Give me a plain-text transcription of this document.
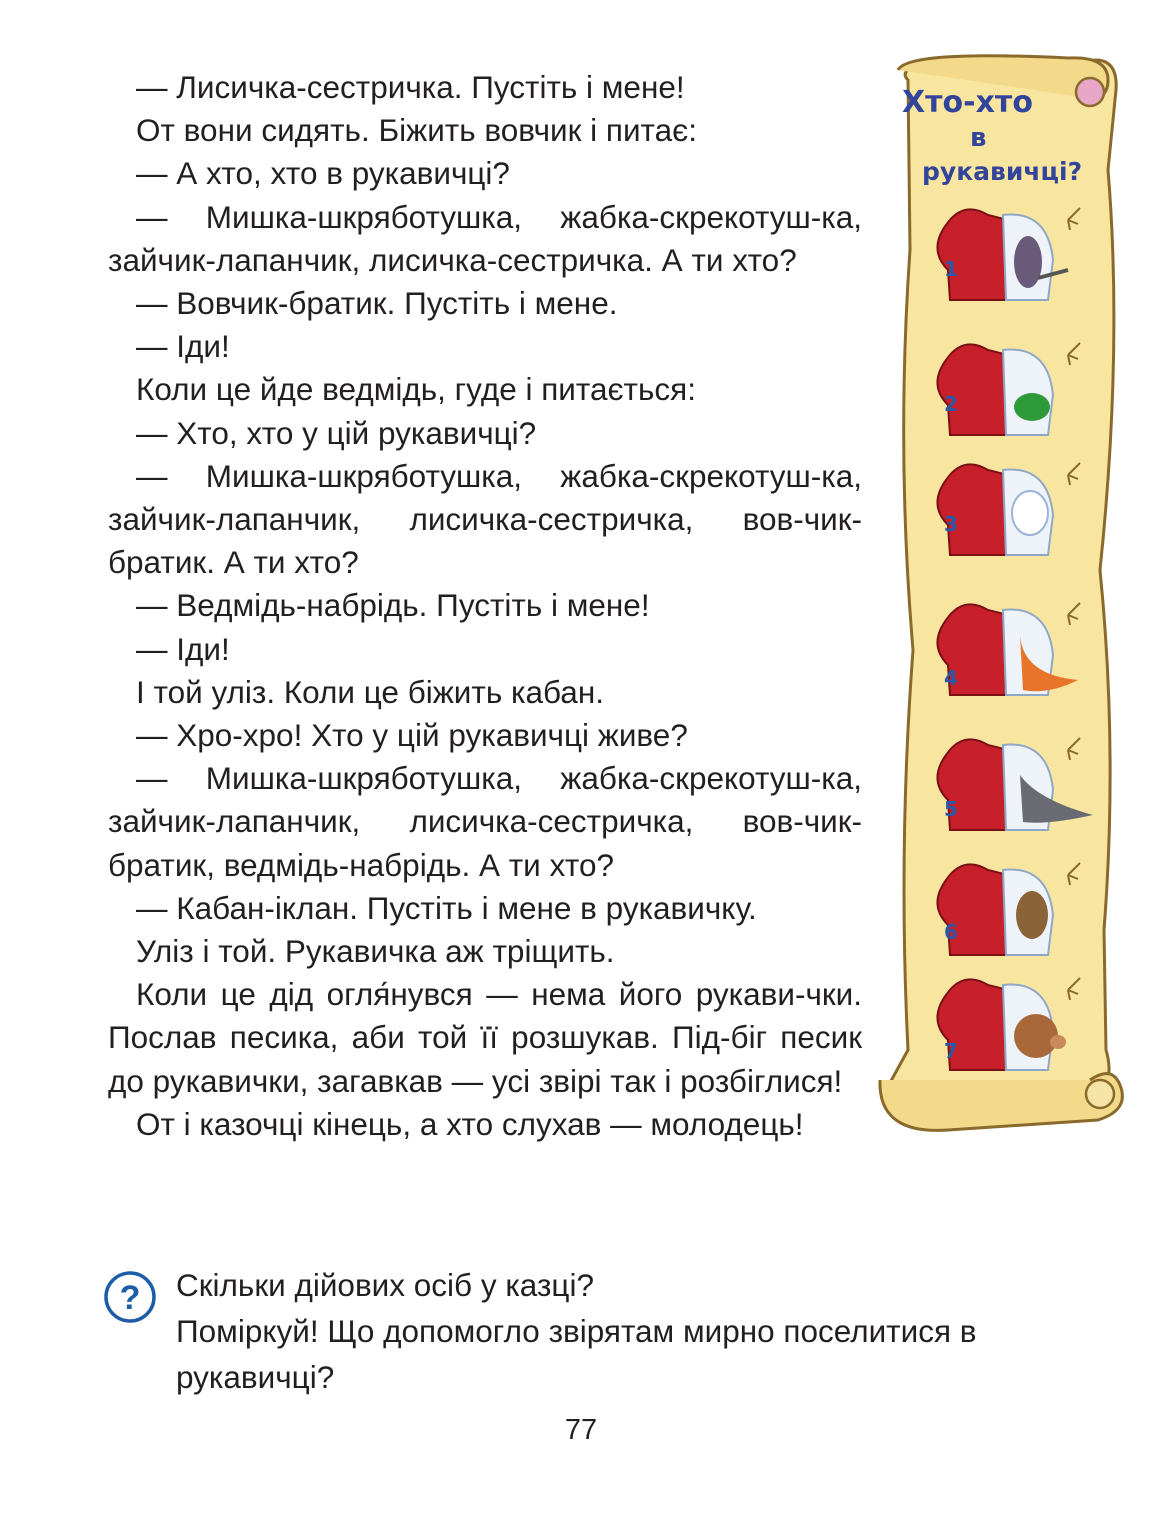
— Лисичка-сестричка. Пустіть і мене!

От вони сидять. Біжить вовчик і питає:

— А хто, хто в рукавичці?

— Мишка-шкряботушка, жабка-скрекотуш-ка, зайчик-лапанчик, лисичка-сестричка. А ти хто?

— Вовчик-братик. Пустіть і мене.

— Іди!

Коли це йде ведмідь, гуде і питається:

— Хто, хто у цій рукавичці?

— Мишка-шкряботушка, жабка-скрекотуш-ка, зайчик-лапанчик, лисичка-сестричка, вов-чик-братик. А ти хто?

— Ведмідь-набрідь. Пустіть і мене!

— Іди!

І той уліз. Коли це біжить кабан.

— Хро-хро! Хто у цій рукавичці живе?

— Мишка-шкряботушка, жабка-скрекотуш-ка, зайчик-лапанчик, лисичка-сестричка, вов-чик-братик, ведмідь-набрідь. А ти хто?

— Кабан-іклан. Пустіть і мене в рукавичку.

Уліз і той. Рукавичка аж тріщить.

Коли це дід огля́нувся — нема його рукави-чки. Послав песика, аби той її розшукав. Під-біг песик до рукавички, загавкав — усі звірі так і розбіглися!

От і казочці кінець, а хто слухав — молодець!

Хто-хто
в
рукавичці?
1
2
3
4
5
6
7
? Скільки дійових осіб у казці?

Поміркуй! Що допомогло звірятам мирно поселитися в рукавичці?

77
